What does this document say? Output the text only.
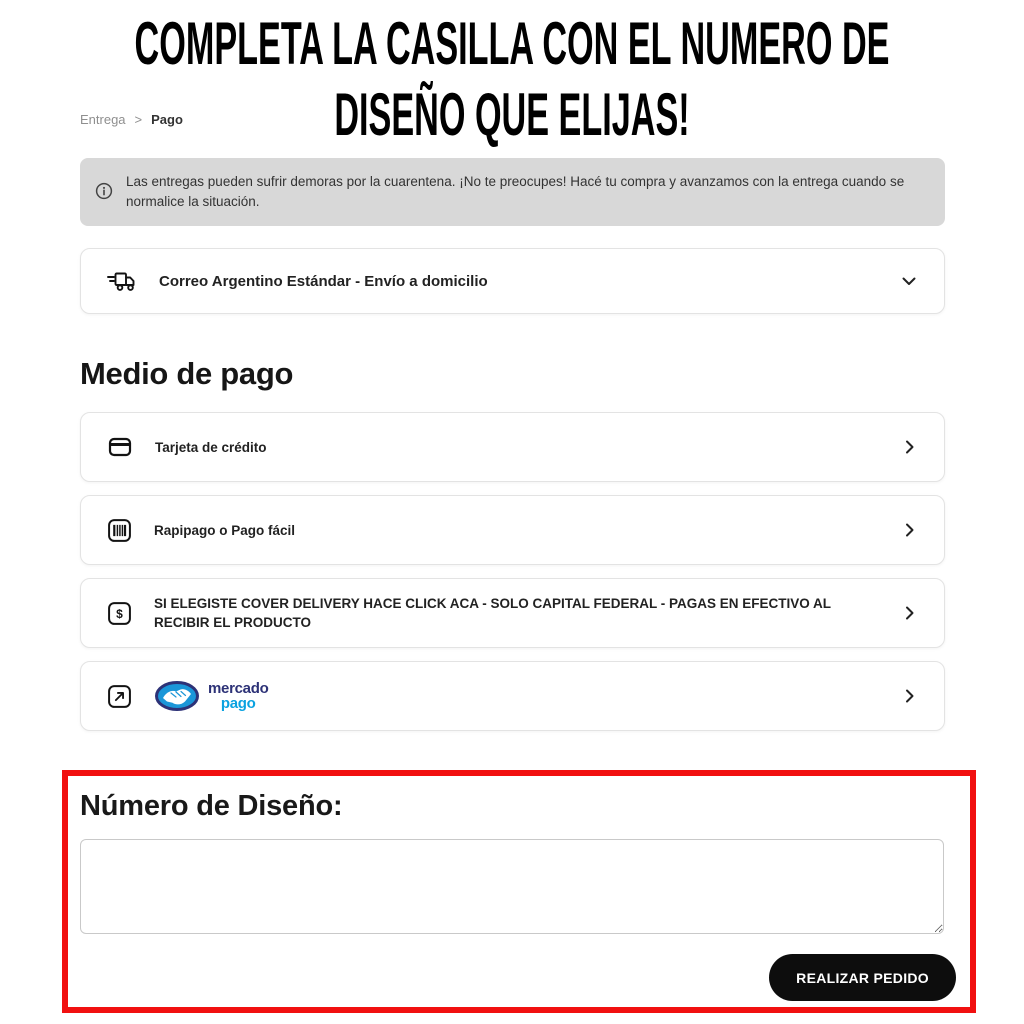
COMPLETA LA CASILLA CON EL NUMERO DE
DISEÑO QUE ELIJAS!
Entrega > Pago
Las entregas pueden sufrir demoras por la cuarentena. ¡No te preocupes! Hacé tu compra y avanzamos con la entrega cuando se normalice la situación.
Correo Argentino Estándar - Envío a domicilio
Medio de pago
Tarjeta de crédito
Rapipago o Pago fácil
$
SI ELEGISTE COVER DELIVERY HACE CLICK ACA - SOLO CAPITAL FEDERAL - PAGAS EN EFECTIVO AL RECIBIR EL PRODUCTO
mercado
pago
Número de Diseño:
REALIZAR PEDIDO
